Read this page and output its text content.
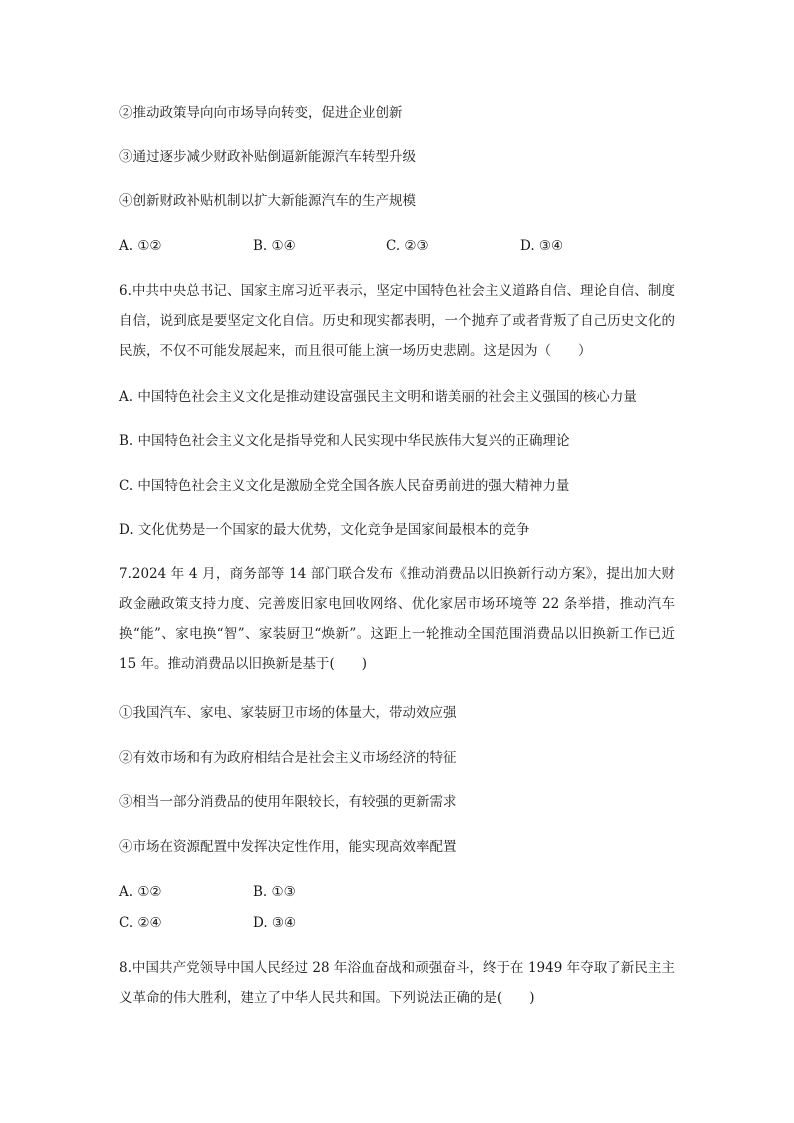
②推动政策导向向市场导向转变，促进企业创新
③通过逐步减少财政补贴倒逼新能源汽车转型升级
④创新财政补贴机制以扩大新能源汽车的生产规模
A. ①②	B. ①④	C. ②③	D. ③④
6.中共中央总书记、国家主席习近平表示，坚定中国特色社会主义道路自信、理论自信、制度自信，说到底是要坚定文化自信。历史和现实都表明，一个抛弃了或者背叛了自己历史文化的民族，不仅不可能发展起来，而且很可能上演一场历史悲剧。这是因为（　　）
A. 中国特色社会主义文化是推动建设富强民主文明和谐美丽的社会主义强国的核心力量
B. 中国特色社会主义文化是指导党和人民实现中华民族伟大复兴的正确理论
C. 中国特色社会主义文化是激励全党全国各族人民奋勇前进的强大精神力量
D. 文化优势是一个国家的最大优势，文化竞争是国家间最根本的竞争
7.2024 年 4 月，商务部等 14 部门联合发布《推动消费品以旧换新行动方案》，提出加大财政金融政策支持力度、完善废旧家电回收网络、优化家居市场环境等 22 条举措，推动汽车换“能”、家电换“智”、家装厨卫“焕新”。这距上一轮推动全国范围消费品以旧换新工作已近 15 年。推动消费品以旧换新是基于(　　)
①我国汽车、家电、家装厨卫市场的体量大，带动效应强
②有效市场和有为政府相结合是社会主义市场经济的特征
③相当一部分消费品的使用年限较长，有较强的更新需求
④市场在资源配置中发挥决定性作用，能实现高效率配置
A. ①②	B. ①③
C. ②④	D. ③④
8.中国共产党领导中国人民经过 28 年浴血奋战和顽强奋斗，终于在 1949 年夺取了新民主主义革命的伟大胜利，建立了中华人民共和国。下列说法正确的是(　　)
